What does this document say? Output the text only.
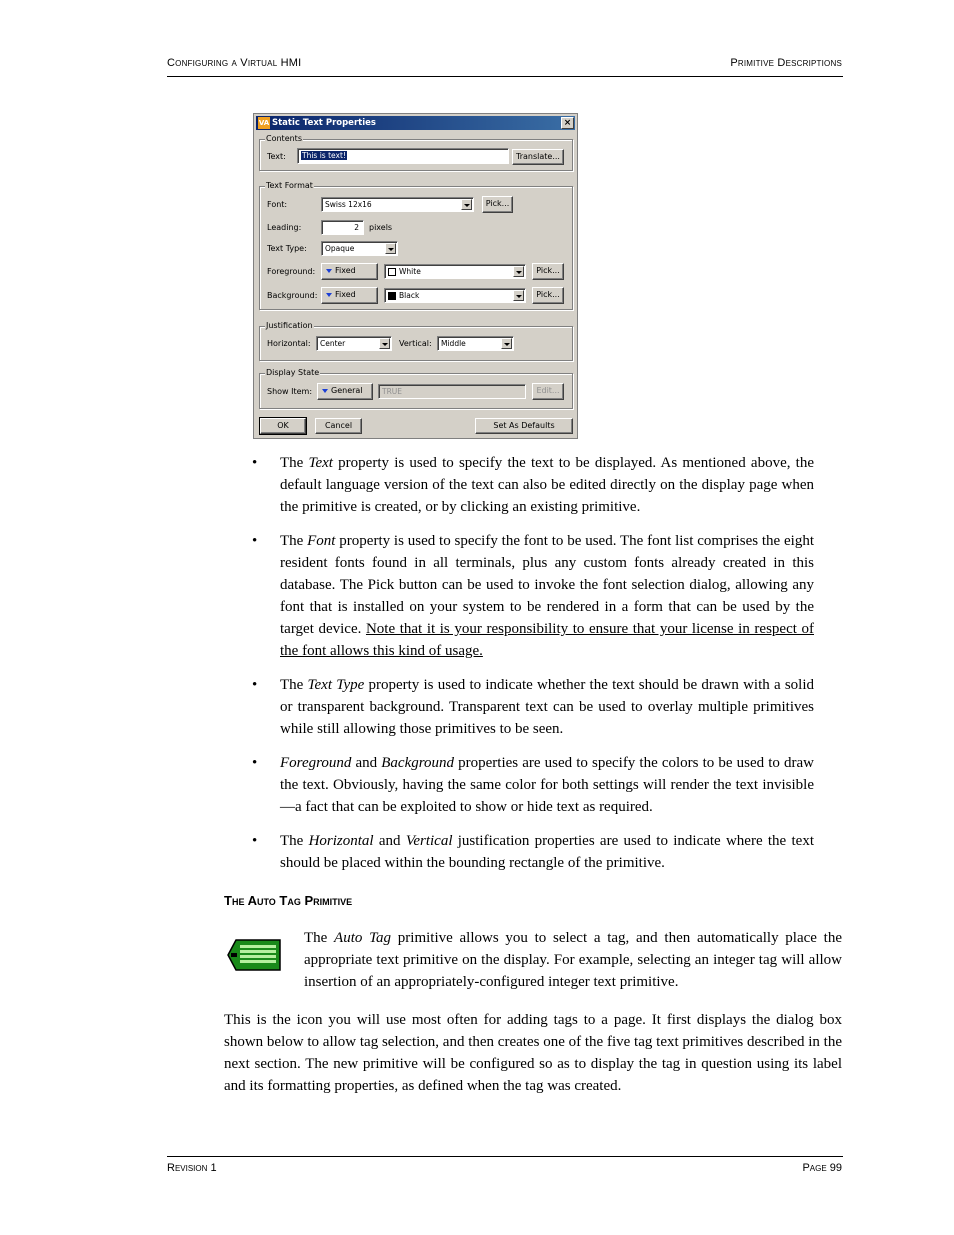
Configuring a Virtual HMI	Primitive Descriptions
VA Static Text Properties	×
Contents
Text:	This is text!	Translate...
Text Format
Font:	Swiss 12x16	Pick...
Leading:	2	pixels
Text Type:	Opaque
Foreground:	Fixed	White	Pick...
Background:	Fixed	Black	Pick...
Justification
Horizontal:	Center	Vertical:	Middle
Display State
Show Item:	General	TRUE	Edit...
OK	Cancel	Set As Defaults
• The Text property is used to specify the text to be displayed. As mentioned above, the default language version of the text can also be edited directly on the display page when the primitive is created, or by clicking an existing primitive.
• The Font property is used to specify the font to be used. The font list comprises the eight resident fonts found in all terminals, plus any custom fonts already created in this database. The Pick button can be used to invoke the font selection dialog, allowing any font that is installed on your system to be rendered in a form that can be used by the target device. Note that it is your responsibility to ensure that your license in respect of the font allows this kind of usage.
• The Text Type property is used to indicate whether the text should be drawn with a solid or transparent background. Transparent text can be used to overlay multiple primitives while still allowing those primitives to be seen.
• Foreground and Background properties are used to specify the colors to be used to draw the text. Obviously, having the same color for both settings will render the text invisible—a fact that can be exploited to show or hide text as required.
• The Horizontal and Vertical justification properties are used to indicate where the text should be placed within the bounding rectangle of the primitive.
The Auto Tag Primitive

The Auto Tag primitive allows you to select a tag, and then automatically place the appropriate text primitive on the display. For example, selecting an integer tag will allow insertion of an appropriately-configured integer text primitive.

This is the icon you will use most often for adding tags to a page. It first displays the dialog box shown below to allow tag selection, and then creates one of the five tag text primitives described in the next section. The new primitive will be configured so as to display the tag in question using its label and its formatting properties, as defined when the tag was created.

Revision 1	Page 99
